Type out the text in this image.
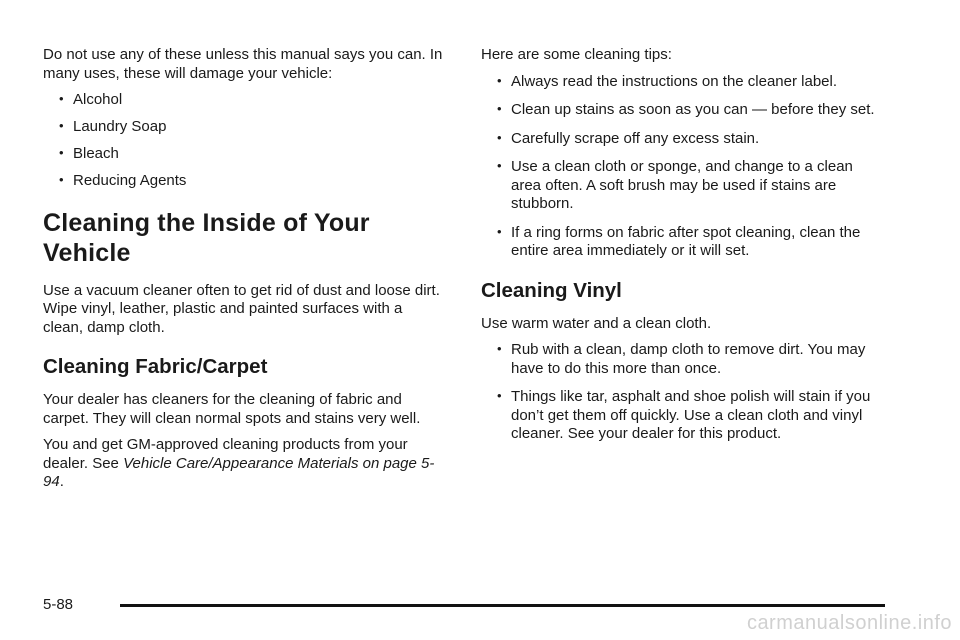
Do not use any of these unless this manual says you can. In many uses, these will damage your vehicle:

• Alcohol
• Laundry Soap
• Bleach
• Reducing Agents
Cleaning the Inside of Your Vehicle

Use a vacuum cleaner often to get rid of dust and loose dirt. Wipe vinyl, leather, plastic and painted surfaces with a clean, damp cloth.

Cleaning Fabric/Carpet

Your dealer has cleaners for the cleaning of fabric and carpet. They will clean normal spots and stains very well.

You and get GM-approved cleaning products from your dealer. See Vehicle Care/Appearance Materials on page 5-94.

Here are some cleaning tips:

• Always read the instructions on the cleaner label.
• Clean up stains as soon as you can — before they set.
• Carefully scrape off any excess stain.
• Use a clean cloth or sponge, and change to a clean area often. A soft brush may be used if stains are stubborn.
• If a ring forms on fabric after spot cleaning, clean the entire area immediately or it will set.
Cleaning Vinyl

Use warm water and a clean cloth.

• Rub with a clean, damp cloth to remove dirt. You may have to do this more than once.
• Things like tar, asphalt and shoe polish will stain if you don’t get them off quickly. Use a clean cloth and vinyl cleaner. See your dealer for this product.
5-88
carmanualsonline.info
